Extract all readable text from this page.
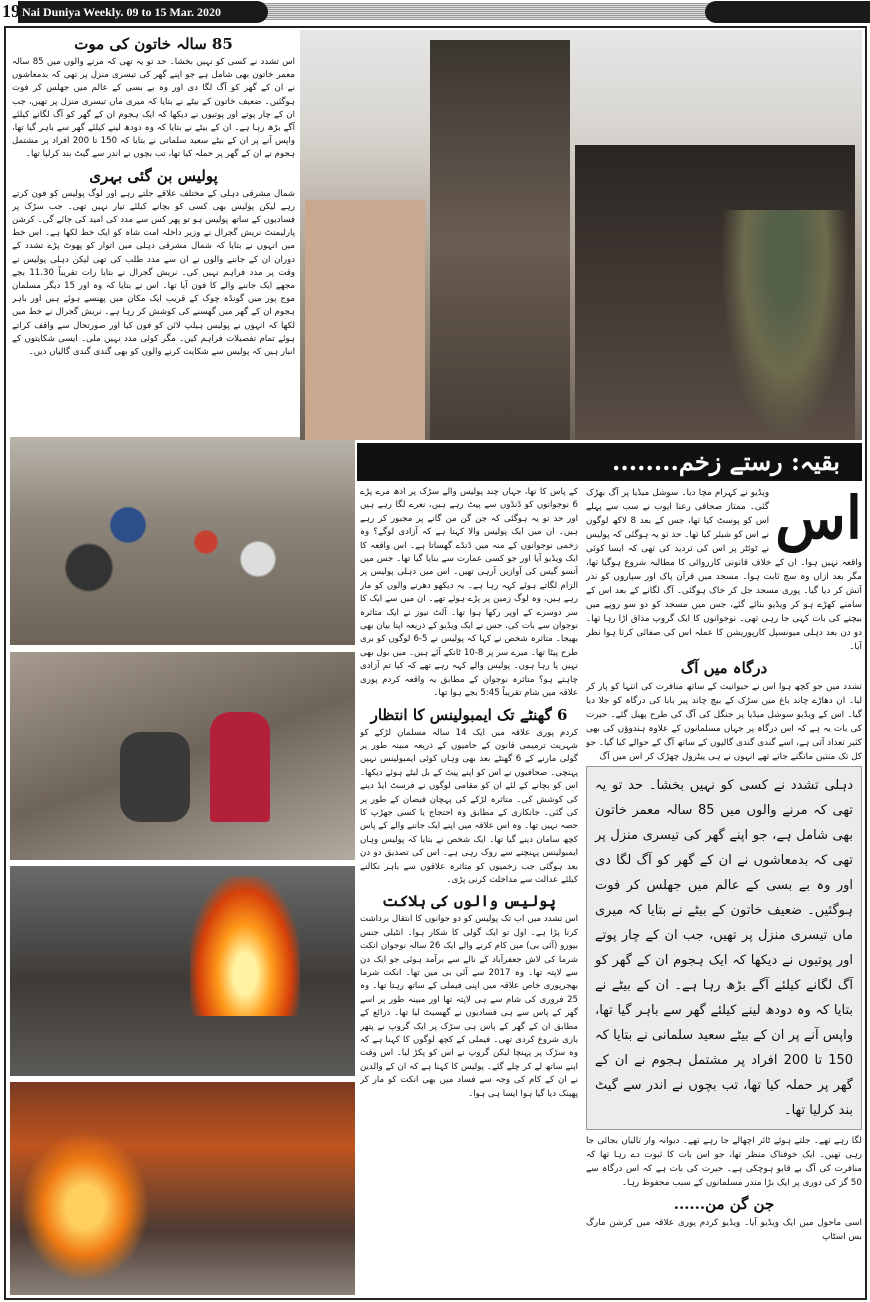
19 Nai Duniya Weekly. 09 to 15 Mar. 2020
85 سالہ خاتون کی موت

اس تشدد نے کسی کو نہیں بخشا۔ حد تو یہ تھی کہ مرنے والوں میں 85 سالہ معمر خاتون بھی شامل ہے جو اپنے گھر کی تیسری منزل پر تھی کہ بدمعاشوں نے ان کے گھر کو آگ لگا دی اور وہ بے بسی کے عالم میں جھلس کر فوت ہوگئیں۔ ضعیف خاتون کے بیٹے نے بتایا کہ میری ماں تیسری منزل پر تھیں، جب ان کے چار پوتے اور پوتیوں نے دیکھا کہ ایک ہجوم ان کے گھر کو آگ لگانے کیلئے آگے بڑھ رہا ہے۔ ان کے بیٹے نے بتایا کہ وہ دودھ لینے کیلئے گھر سے باہر گیا تھا، واپس آنے پر ان کے بیٹے سعید سلمانی نے بتایا کہ 150 تا 200 افراد پر مشتمل ہجوم نے ان کے گھر پر حملہ کیا تھا، تب بچوں نے اندر سے گیٹ بند کرلیا تھا۔

پولیس بن گئی بہری

شمال مشرقی دہلی کے مختلف علاقے جلتے رہے اور لوگ پولیس کو فون کرتے رہے لیکن پولیس بھی کسی کو بچانے کیلئے تیار نہیں تھی۔ جب سڑک پر فسادیوں کے ساتھ پولیس ہو تو پھر کس سے مدد کی امید کی جائے گی۔ کرشن پارلیمنٹ نریش گجرال نے وزیر داخلہ امت شاہ کو ایک خط لکھا ہے۔ اس خط میں انہوں نے بتایا کہ شمال مشرقی دہلی میں اتوار کو پھوٹ پڑے تشدد کے دوران ان کے جاننے والوں نے ان سے مدد طلب کی تھی لیکن دہلی پولیس نے وقت پر مدد فراہم نہیں کی۔ نریش گجرال نے بتایا رات تقریباً 11.30 بجے مجھے ایک جاننے والے کا فون آیا تھا۔ اس نے بتایا کہ وہ اور 15 دیگر مسلمان موج پور میں گونڈہ چوک کے قریب ایک مکان میں پھنسے ہوئے ہیں اور باہر ہجوم ان کے گھر میں گھسنے کی کوشش کر رہا ہے۔ نریش گجرال نے خط میں لکھا کہ انہوں نے پولیس ہیلپ لائن کو فون کیا اور صورتحال سے واقف کراتے ہوئے تمام تفصیلات فراہم کیں۔ مگر کوئی مدد نہیں ملی۔ ایسی شکایتوں کے انبار ہیں کہ پولیس سے شکایت کرنے والوں کو بھی گندی گندی گالیاں دیں۔

بقیہ: رستے زخم........

کے پاس کا تھا، جہاں چند پولیس والے سڑک پر ادھ مرے پڑے 6 نوجوانوں کو ڈنڈوں سے پیٹ رہے ہیں، نعرے لگا رہے ہیں اور حد تو یہ ہوگئی کہ جن گن من گانے پر مجبور کر رہے ہیں۔ ان میں ایک پولیس والا کہتا ہے کہ آزادی لوگے؟ وہ زخمی نوجوانوں کے منہ میں ڈنڈے گھساتا ہے۔ اس واقعہ کا ایک ویڈیو آیا اور جو کسی عمارت سے بنایا گیا تھا۔ جس میں آنسو گیس کی آوازیں آرہی تھیں۔ اس میں دہلی پولیس پر الزام لگاتے ہوئے کہہ رہا ہے۔ یہ دیکھو دھرنے والوں کو مار رہے ہیں، وہ لوگ زمین پر پڑے ہوئے تھے۔ ان میں سے ایک کا سر دوسرے کے اوپر رکھا ہوا تھا۔ آلٹ نیوز نے ایک متاثرہ نوجوان سے بات کی، جس نے ایک ویڈیو کے ذریعہ اپنا بیان بھی بھیجا۔ متاثرہ شخص نے کہا کہ پولیس نے 5-6 لوگوں کو بری طرح پیٹا تھا۔ میرے سر پر 8-10 ٹانکے آئے ہیں۔ میں بول بھی نہیں پا رہا ہوں۔ پولیس والے کہہ رہے تھے کہ کیا تم آزادی چاہتے ہو؟ متاثرہ نوجوان کے مطابق یہ واقعہ کردم پوری علاقہ میں شام تقریباً 5:45 بجے ہوا تھا۔

6 گھنٹے تک ایمبولینس کا انتظار

کردم پوری علاقہ میں ایک 14 سالہ مسلمان لڑکے کو شہریت ترمیمی قانون کے حامیوں کے ذریعہ مبینہ طور پر گولی مارنے کے 6 گھنٹے بعد بھی وہاں کوئی ایمبولینس نہیں پہنچی۔ صحافیوں نے اس کو اپنے پیٹ کے بل لیٹے ہوئے دیکھا۔ اس کو بچانے کے لئے ان کو مقامی لوگوں نے فرسٹ ایڈ دینے کی کوشش کی۔ متاثرہ لڑکے کی پہچان فیضان کے طور پر کی گئی۔ جانکاری کے مطابق وہ احتجاج یا کسی جھڑپ کا حصہ نہیں تھا۔ وہ اس علاقہ میں اپنے ایک جاننے والے کے پاس کچھ سامان دینے گیا تھا۔ ایک شخص نے بتایا کہ پولیس وہاں ایمبولینس پہنچنے سے روک رہی ہے۔ اس کی تصدیق دو دن بعد ہوگئی جب زخمیوں کو متاثرہ علاقوں سے باہر نکالنے کیلئے عدالت سے مداخلت کرنی پڑی۔

پولیس والوں کی ہلاکت

اس تشدد میں اب تک پولیس کو دو جوانوں کا انتقال برداشت کرنا پڑا ہے۔ اول تو ایک گولی کا شکار ہوا۔ انٹیلی جنس بیورو (آئی بی) میں کام کرنے والے ایک 26 سالہ نوجوان انکت شرما کی لاش جعفرآباد کے نالے سے برآمد ہوئی جو ایک دن سے لاپتہ تھا۔ وہ 2017 سے آئی بی میں تھا۔ انکت شرما بھجرپوری خاص علاقہ میں اپنی فیملی کے ساتھ رہتا تھا۔ وہ 25 فروری کی شام سے ہی لاپتہ تھا اور مبینہ طور پر اسے گھر کے پاس سے ہی فسادیوں نے گھسیٹ لیا تھا۔ ذرائع کے مطابق ان کے گھر کے پاس ہی سڑک پر ایک گروپ نے پتھر بازی شروع کردی تھی۔ فیملی کے کچھ لوگوں کا کہنا ہے کہ وہ سڑک پر پہنچا لیکن گروپ نے اس کو پکڑ لیا۔ اس وقت اپنے ساتھ لے کر چلے گئے۔ پولیس کا کہنا ہے کہ ان کے والدین نے ان کے کام کی وجہ سے فساد میں بھی انکت کو مار کر پھینک دیا گیا ہوا ایسا ہی ہوا۔

اس
ویڈیو نے کہرام مچا دیا۔ سوشل میڈیا پر آگ بھڑک گئی۔ ممتاز صحافی رعنا ایوب نے سب سے پہلے اس کو پوسٹ کیا تھا، جس کے بعد 8 لاکھ لوگوں نے اس کو شیئر کیا تھا۔ حد تو یہ ہوگئی کہ پولیس نے ٹوئٹر پر اس کی تردید کی تھی کہ ایسا کوئی واقعہ نہیں ہوا۔ ان کے خلاف قانونی کارروائی کا مطالبہ شروع ہوگیا تھا، مگر بعد ازاں وہ سچ ثابت ہوا۔ مسجد میں قرآن پاک اور سپاروں کو نذر آتش کر دیا گیا۔ پوری مسجد جل کر خاک ہوگئی۔ آگ لگانے کے بعد اس کے سامنے کھڑے ہو کر ویڈیو بنائے گئے، جس میں مسجد کو دو سو روپے میں بیچنے کی بات کہی جا رہی تھی۔ نوجوانوں کا ایک گروپ مذاق اڑا رہا تھا۔ دو دن بعد دہلی میونسپل کارپوریشن کا عملہ اس کی صفائی کرتا ہوا نظر آیا۔

درگاہ میں آگ

تشدد میں جو کچھ ہوا اس نے حیوانیت کے ساتھ منافرت کی انتہا کو پار کر لیا۔ ان دھاڑے چاند باغ میں سڑک کے بیچ چاند پیر بابا کی درگاہ کو جلا دیا گیا۔ اس کے ویڈیو سوشل میڈیا پر جنگل کی آگ کی طرح پھیل گئے۔ حیرت کی بات یہ ہے کہ اس درگاہ پر جہاں مسلمانوں کے علاوہ ہندوؤں کی بھی کثیر تعداد آتی ہے، اسے گندی گندی گالیوں کے ساتھ آگ کے حوالے کیا گیا۔ جو کل تک منتیں مانگنے جاتے تھے انہوں نے ہی پیٹرول چھڑک کر اس میں آگ

دہلی تشدد نے کسی کو نہیں بخشا۔ حد تو یہ تھی کہ مرنے والوں میں 85 سالہ معمر خاتون بھی شامل ہے، جو اپنے گھر کی تیسری منزل پر تھی کہ بدمعاشوں نے ان کے گھر کو آگ لگا دی اور وہ بے بسی کے عالم میں جھلس کر فوت ہوگئیں۔ ضعیف خاتون کے بیٹے نے بتایا کہ میری ماں تیسری منزل پر تھیں، جب ان کے چار پوتے اور پوتیوں نے دیکھا کہ ایک ہجوم ان کے گھر کو آگ لگانے کیلئے آگے بڑھ رہا ہے۔ ان کے بیٹے نے بتایا کہ وہ دودھ لینے کیلئے گھر سے باہر گیا تھا، واپس آنے پر ان کے بیٹے سعید سلمانی نے بتایا کہ 150 تا 200 افراد پر مشتمل ہجوم نے ان کے گھر پر حملہ کیا تھا، تب بچوں نے اندر سے گیٹ بند کرلیا تھا۔

لگا رہے تھے۔ جلتے ہوئے ٹائر اچھالے جا رہے تھے۔ دیوانہ وار تالیاں بجائی جا رہی تھیں۔ ایک خوفناک منظر تھا، جو اس بات کا ثبوت دے رہا تھا کہ منافرت کی آگ بے قابو ہوچکی ہے۔ حیرت کی بات ہے کہ اس درگاہ سے 50 گز کی دوری پر ایک بڑا مندر مسلمانوں کے سبب محفوظ رہا۔

جن گن من......

اسی ماحول میں ایک ویڈیو آیا۔ ویڈیو کردم پوری علاقہ میں کرشن مارگ بس اسٹاپ
